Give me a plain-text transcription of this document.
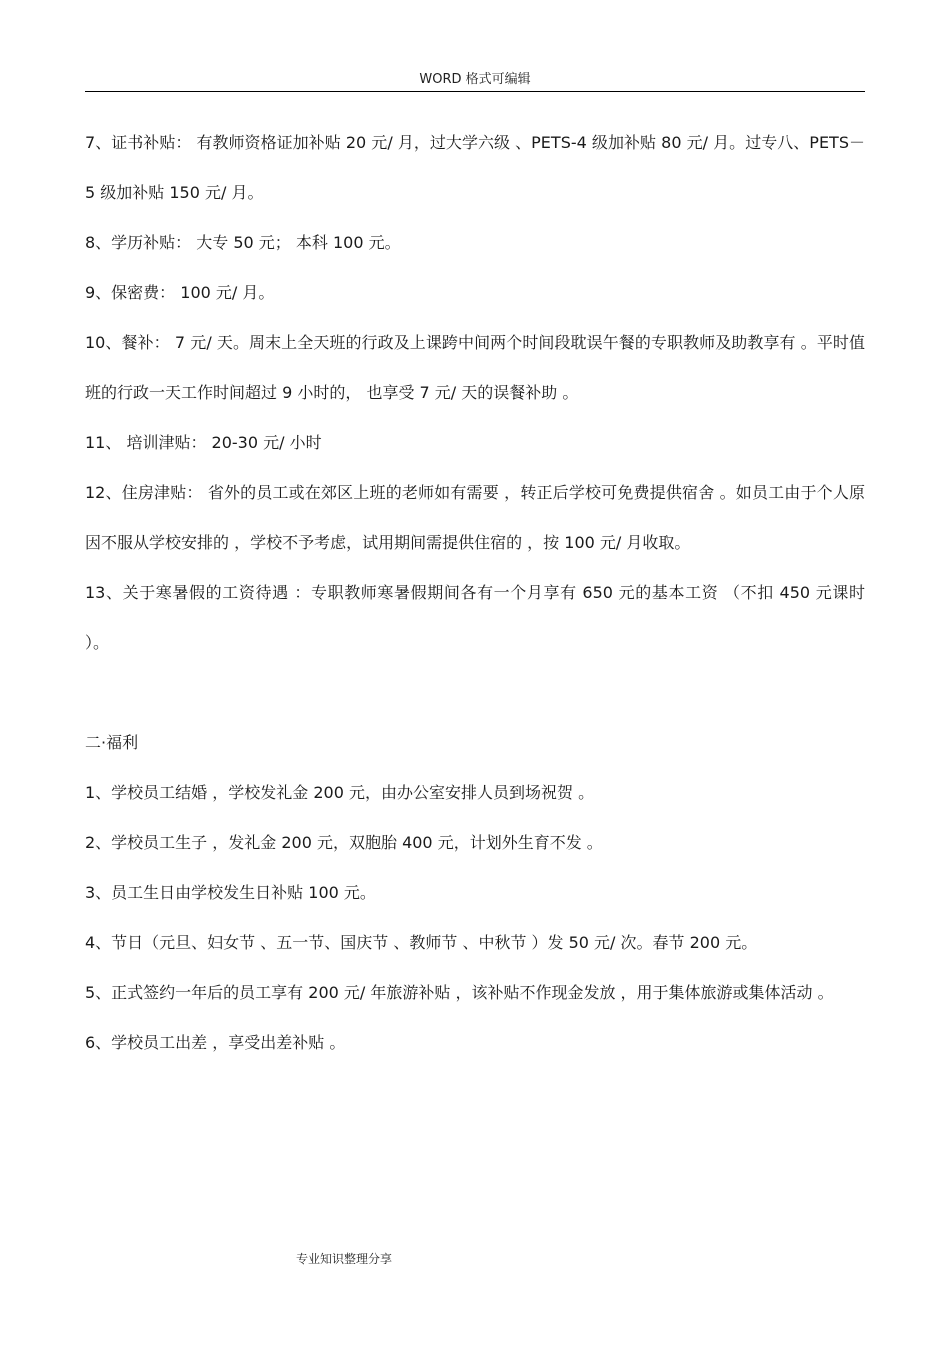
WORD 格式可编辑

7、证书补贴： 有教师资格证加补贴 20 元/ 月，过大学六级 、PETS-4 级加补贴 80 元/ 月。过专八、PETS－5 级加补贴 150 元/ 月。

8、学历补贴： 大专 50 元； 本科 100 元。

9、保密费： 100 元/ 月。

10、餐补： 7 元/ 天。周末上全天班的行政及上课跨中间两个时间段耽误午餐的专职教师及助教享有 。平时值班的行政一天工作时间超过 9 小时的， 也享受 7 元/ 天的误餐补助 。

11、 培训津贴： 20-30 元/ 小时

12、住房津贴： 省外的员工或在郊区上班的老师如有需要 ，转正后学校可免费提供宿舍 。如员工由于个人原因不服从学校安排的 ，学校不予考虑，试用期间需提供住宿的 ，按 100 元/ 月收取。

13、关于寒暑假的工资待遇 ：专职教师寒暑假期间各有一个月享有 650 元的基本工资 （不扣 450 元课时 ）。

二·福利

1、学校员工结婚 ，学校发礼金 200 元，由办公室安排人员到场祝贺 。

2、学校员工生子 ，发礼金 200 元，双胞胎 400 元，计划外生育不发 。

3、员工生日由学校发生日补贴 100 元。

4、节日（元旦、妇女节 、五一节、国庆节 、教师节 、中秋节 ）发 50 元/ 次。春节 200 元。

5、正式签约一年后的员工享有 200 元/ 年旅游补贴 ，该补贴不作现金发放 ，用于集体旅游或集体活动 。

6、学校员工出差 ，享受出差补贴 。

专业知识整理分享
